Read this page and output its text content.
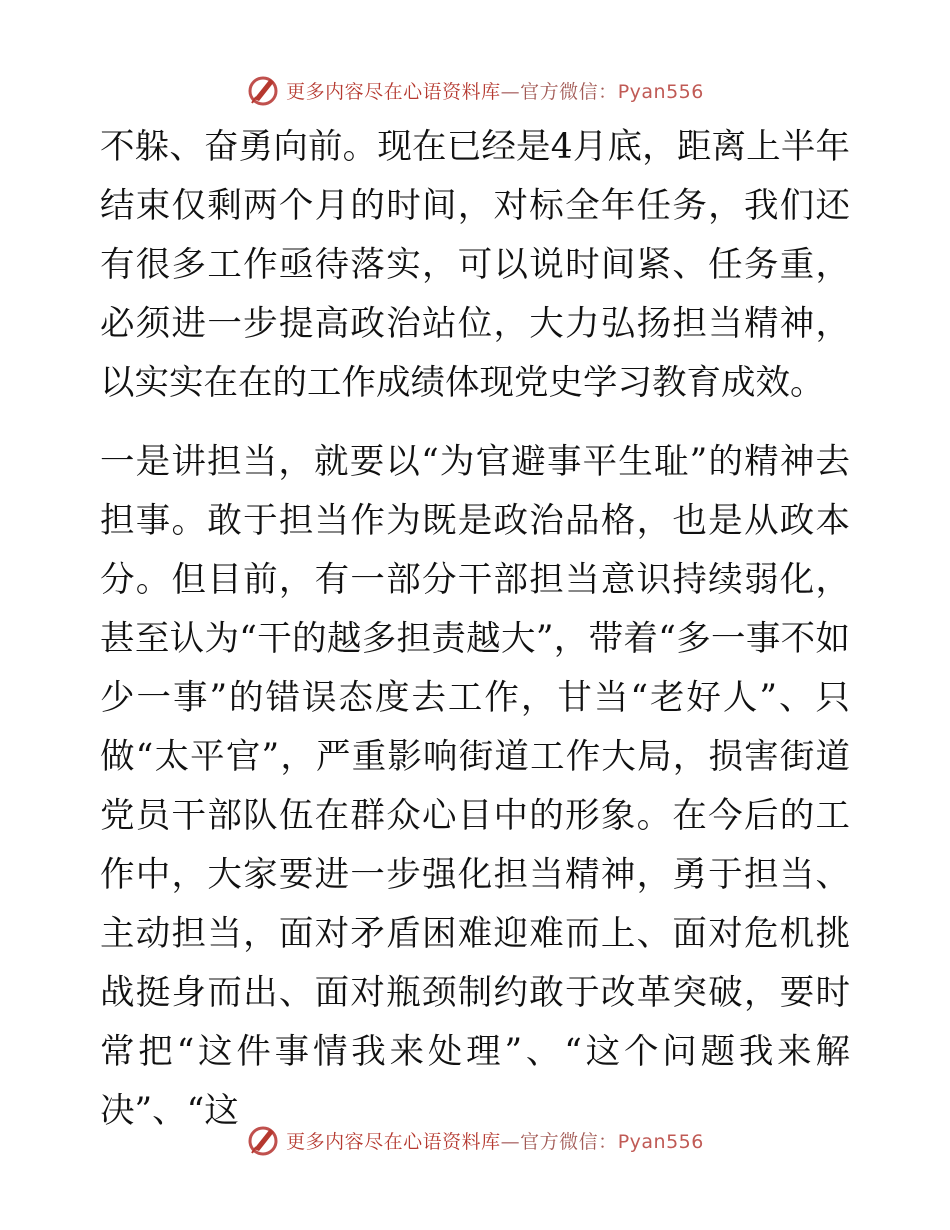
更多内容尽在心语资料库—官方微信：Pyan556

不躲、奋勇向前。现在已经是4月底，距离上半年结束仅剩两个月的时间，对标全年任务，我们还有很多工作亟待落实，可以说时间紧、任务重，必须进一步提高政治站位，大力弘扬担当精神，以实实在在的工作成绩体现党史学习教育成效。

一是讲担当，就要以“为官避事平生耻”的精神去担事。敢于担当作为既是政治品格，也是从政本分。但目前，有一部分干部担当意识持续弱化，甚至认为“干的越多担责越大”，带着“多一事不如少一事”的错误态度去工作，甘当“老好人”、只做“太平官”，严重影响街道工作大局，损害街道党员干部队伍在群众心目中的形象。在今后的工作中，大家要进一步强化担当精神，勇于担当、主动担当，面对矛盾困难迎难而上、面对危机挑战挺身而出、面对瓶颈制约敢于改革突破，要时常把“这件事情我来处理”、“这个问题我来解决”、“这

更多内容尽在心语资料库—官方微信：Pyan556
